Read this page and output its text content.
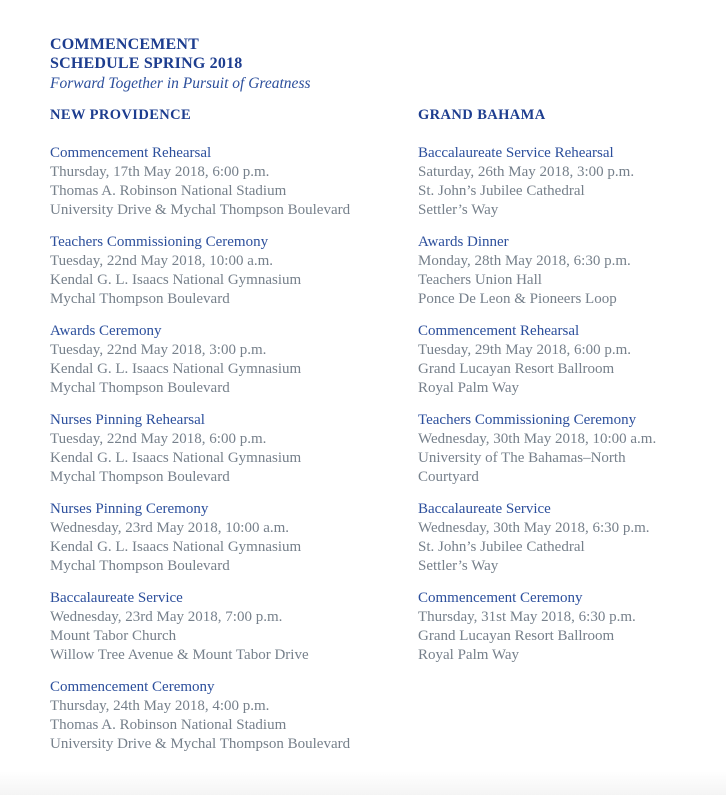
COMMENCEMENT
SCHEDULE SPRING 2018
Forward Together in Pursuit of Greatness
NEW PROVIDENCE
Commencement Rehearsal
Thursday, 17th May 2018, 6:00 p.m.
Thomas A. Robinson National Stadium
University Drive & Mychal Thompson Boulevard
Teachers Commissioning Ceremony
Tuesday, 22nd May 2018, 10:00 a.m.
Kendal G. L. Isaacs National Gymnasium
Mychal Thompson Boulevard
Awards Ceremony
Tuesday, 22nd May 2018, 3:00 p.m.
Kendal G. L. Isaacs National Gymnasium
Mychal Thompson Boulevard
Nurses Pinning Rehearsal
Tuesday, 22nd May 2018, 6:00 p.m.
Kendal G. L. Isaacs National Gymnasium
Mychal Thompson Boulevard
Nurses Pinning Ceremony
Wednesday, 23rd May 2018, 10:00 a.m.
Kendal G. L. Isaacs National Gymnasium
Mychal Thompson Boulevard
Baccalaureate Service
Wednesday, 23rd May 2018, 7:00 p.m.
Mount Tabor Church
Willow Tree Avenue & Mount Tabor Drive
Commencement Ceremony
Thursday, 24th May 2018, 4:00 p.m.
Thomas A. Robinson National Stadium
University Drive & Mychal Thompson Boulevard
GRAND BAHAMA
Baccalaureate Service Rehearsal
Saturday, 26th May 2018, 3:00 p.m.
St. John’s Jubilee Cathedral
Settler’s Way
Awards Dinner
Monday, 28th May 2018, 6:30 p.m.
Teachers Union Hall
Ponce De Leon & Pioneers Loop
Commencement Rehearsal
Tuesday, 29th May 2018, 6:00 p.m.
Grand Lucayan Resort Ballroom
Royal Palm Way
Teachers Commissioning Ceremony
Wednesday, 30th May 2018, 10:00 a.m.
University of The Bahamas–North
Courtyard
Baccalaureate Service
Wednesday, 30th May 2018, 6:30 p.m.
St. John’s Jubilee Cathedral
Settler’s Way
Commencement Ceremony
Thursday, 31st May 2018, 6:30 p.m.
Grand Lucayan Resort Ballroom
Royal Palm Way
